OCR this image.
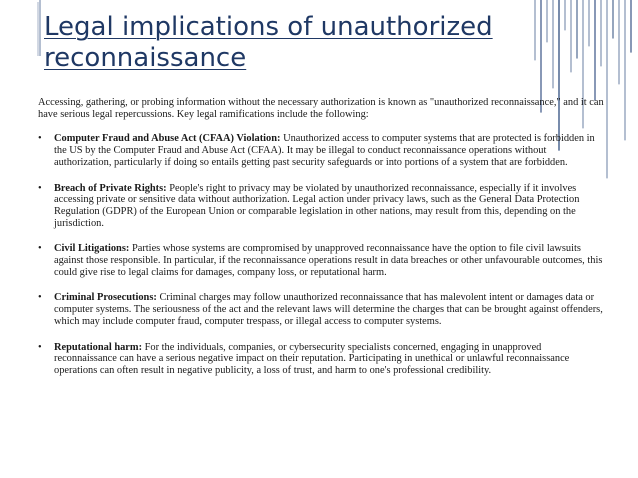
Legal implications of unauthorized reconnaissance

Accessing, gathering, or probing information without the necessary authorization is known as "unauthorized reconnaissance," and it can have serious legal repercussions. Key legal ramifications include the following:

• Computer Fraud and Abuse Act (CFAA) Violation: Unauthorized access to computer systems that are protected is forbidden in the US by the Computer Fraud and Abuse Act (CFAA). It may be illegal to conduct reconnaissance operations without authorization, particularly if doing so entails getting past security safeguards or into portions of a system that are forbidden.
• Breach of Private Rights: People's right to privacy may be violated by unauthorized reconnaissance, especially if it involves accessing private or sensitive data without authorization. Legal action under privacy laws, such as the General Data Protection Regulation (GDPR) of the European Union or comparable legislation in other nations, may result from this, depending on the jurisdiction.
• Civil Litigations: Parties whose systems are compromised by unapproved reconnaissance have the option to file civil lawsuits against those responsible. In particular, if the reconnaissance operations result in data breaches or other unfavourable outcomes, this could give rise to legal claims for damages, company loss, or reputational harm.
• Criminal Prosecutions: Criminal charges may follow unauthorized reconnaissance that has malevolent intent or damages data or computer systems. The seriousness of the act and the relevant laws will determine the charges that can be brought against offenders, which may include computer fraud, computer trespass, or illegal access to computer systems.
• Reputational harm: For the individuals, companies, or cybersecurity specialists concerned, engaging in unapproved reconnaissance can have a serious negative impact on their reputation. Participating in unethical or unlawful reconnaissance operations can often result in negative publicity, a loss of trust, and harm to one's professional credibility.
